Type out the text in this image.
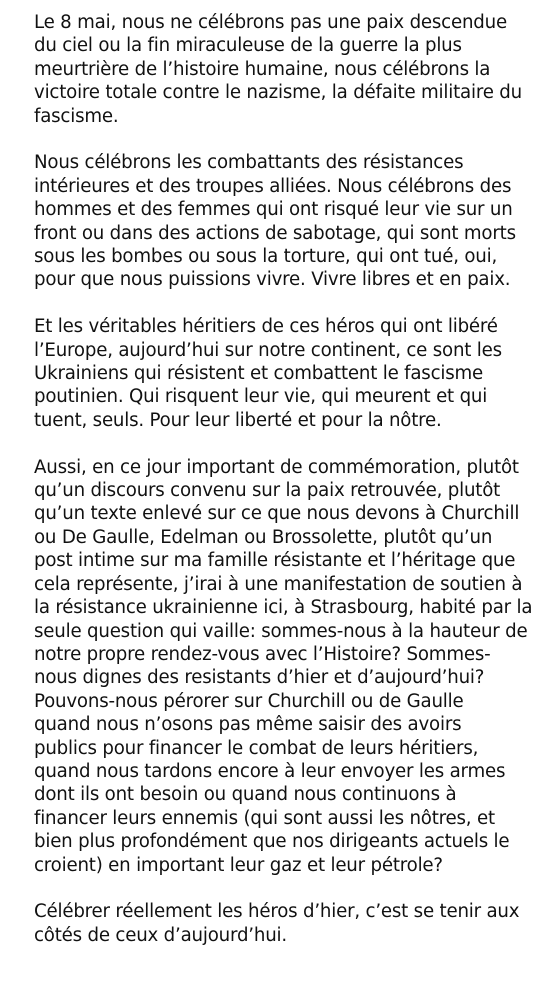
Le 8 mai, nous ne célébrons pas une paix descendue
du ciel ou la fin miraculeuse de la guerre la plus
meurtrière de l’histoire humaine, nous célébrons la
victoire totale contre le nazisme, la défaite militaire du
fascisme.

Nous célébrons les combattants des résistances
intérieures et des troupes alliées. Nous célébrons des
hommes et des femmes qui ont risqué leur vie sur un
front ou dans des actions de sabotage, qui sont morts
sous les bombes ou sous la torture, qui ont tué, oui,
pour que nous puissions vivre. Vivre libres et en paix.

Et les véritables héritiers de ces héros qui ont libéré
l’Europe, aujourd’hui sur notre continent, ce sont les
Ukrainiens qui résistent et combattent le fascisme
poutinien. Qui risquent leur vie, qui meurent et qui
tuent, seuls. Pour leur liberté et pour la nôtre.

Aussi, en ce jour important de commémoration, plutôt
qu’un discours convenu sur la paix retrouvée, plutôt
qu’un texte enlevé sur ce que nous devons à Churchill
ou De Gaulle, Edelman ou Brossolette, plutôt qu’un
post intime sur ma famille résistante et l’héritage que
cela représente, j’irai à une manifestation de soutien à
la résistance ukrainienne ici, à Strasbourg, habité par la
seule question qui vaille: sommes-nous à la hauteur de
notre propre rendez-vous avec l’Histoire? Sommes-
nous dignes des resistants d’hier et d’aujourd’hui?
Pouvons-nous pérorer sur Churchill ou de Gaulle
quand nous n’osons pas même saisir des avoirs
publics pour financer le combat de leurs héritiers,
quand nous tardons encore à leur envoyer les armes
dont ils ont besoin ou quand nous continuons à
financer leurs ennemis (qui sont aussi les nôtres, et
bien plus profondément que nos dirigeants actuels le
croient) en important leur gaz et leur pétrole?

Célébrer réellement les héros d’hier, c’est se tenir aux
côtés de ceux d’aujourd’hui.
